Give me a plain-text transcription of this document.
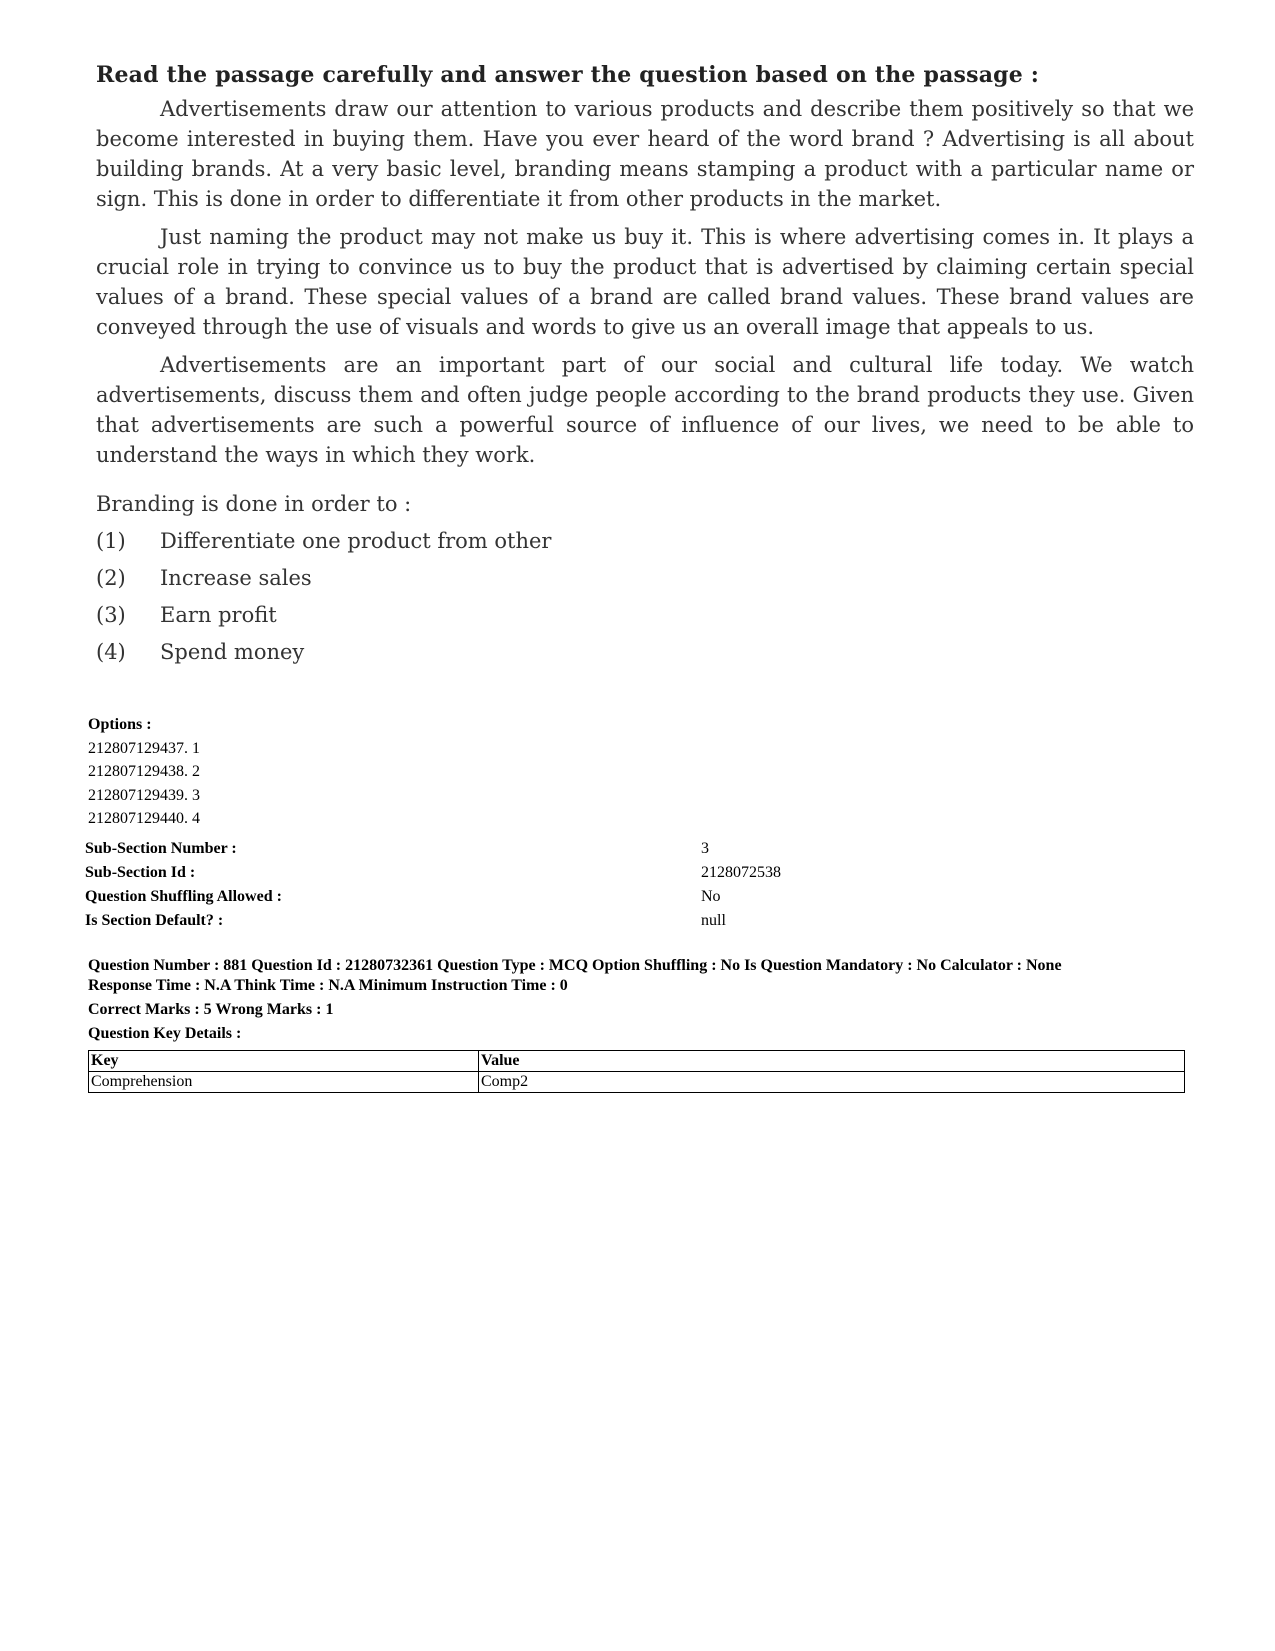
Read the passage carefully and answer the question based on the passage :

Advertisements draw our attention to various products and describe them positively so that we become interested in buying them. Have you ever heard of the word brand ? Advertising is all about building brands. At a very basic level, branding means stamping a product with a particular name or sign. This is done in order to differentiate it from other products in the market.

Just naming the product may not make us buy it. This is where advertising comes in. It plays a crucial role in trying to convince us to buy the product that is advertised by claiming certain special values of a brand. These special values of a brand are called brand values. These brand values are conveyed through the use of visuals and words to give us an overall image that appeals to us.

Advertisements are an important part of our social and cultural life today. We watch advertisements, discuss them and often judge people according to the brand products they use. Given that advertisements are such a powerful source of influence of our lives, we need to be able to understand the ways in which they work.

Branding is done in order to :
(1)	Differentiate one product from other
(2)	Increase sales
(3)	Earn profit
(4)	Spend money
Options :
212807129437. 1
212807129438. 2
212807129439. 3
212807129440. 4
Sub-Section Number :	3
Sub-Section Id :	2128072538
Question Shuffling Allowed :	No
Is Section Default? :	null
Question Number : 881 Question Id : 21280732361 Question Type : MCQ Option Shuffling : No Is Question Mandatory : No Calculator : None
Response Time : N.A Think Time : N.A Minimum Instruction Time : 0
Correct Marks : 5 Wrong Marks : 1
Question Key Details :
Key	Value
Comprehension	Comp2
